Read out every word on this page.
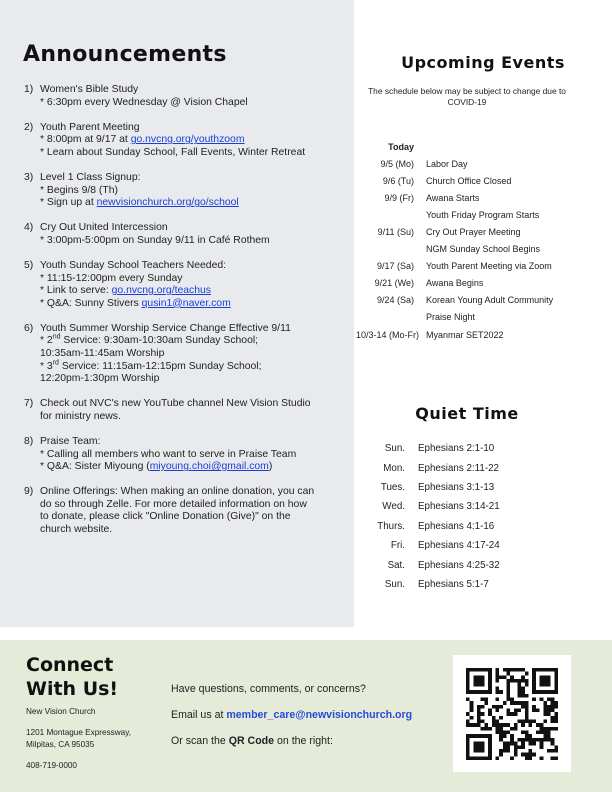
Announcements
1) Women's Bible Study
* 6:30pm every Wednesday @ Vision Chapel
2) Youth Parent Meeting
* 8:00pm at 9/17 at go.nvcng.org/youthzoom
* Learn about Sunday School, Fall Events, Winter Retreat
3) Level 1 Class Signup:
* Begins 9/8 (Th)
* Sign up at newvisionchurch.org/go/school
4) Cry Out United Intercession
* 3:00pm-5:00pm on Sunday 9/11 in Café Rothem
5) Youth Sunday School Teachers Needed:
* 11:15-12:00pm every Sunday
* Link to serve: go.nvcng.org/teachus
* Q&A: Sunny Stivers qusin1@naver.com
6) Youth Summer Worship Service Change Effective 9/11
* 2nd Service: 9:30am-10:30am Sunday School;
10:35am-11:45am Worship
* 3rd Service: 11:15am-12:15pm Sunday School;
12:20pm-1:30pm Worship
7) Check out NVC's new YouTube channel New Vision Studio
for ministry news.
8) Praise Team:
* Calling all members who want to serve in Praise Team
* Q&A: Sister Miyoung (miyoung.choi@gmail.com)
9) Online Offerings: When making an online donation, you can
do so through Zelle. For more detailed information on how
to donate, please click "Online Donation (Give)" on the
church website.
Upcoming Events
The schedule below may be subject to change due to COVID-19
Today
9/5 (Mo)	Labor Day
9/6 (Tu)	Church Office Closed
9/9 (Fr)	Awana Starts
Youth Friday Program Starts
9/11 (Su)	Cry Out Prayer Meeting
NGM Sunday School Begins
9/17 (Sa)	Youth Parent Meeting via Zoom
9/21 (We)	Awana Begins
9/24 (Sa)	Korean Young Adult Community
Praise Night
10/3-14 (Mo-Fr) Myanmar SET2022
Quiet Time
Sun.	Ephesians 2:1-10
Mon.	Ephesians 2:11-22
Tues.	Ephesians 3:1-13
Wed.	Ephesians 3:14-21
Thurs.	Ephesians 4:1-16
Fri.	Ephesians 4:17-24
Sat.	Ephesians 4:25-32
Sun.	Ephesians 5:1-7
Connect
With Us!
New Vision Church
1201 Montague Expressway,
Milpitas, CA 95035
408-719-0000
Have questions, comments, or concerns?
Email us at member_care@newvisionchurch.org
Or scan the QR Code on the right:
